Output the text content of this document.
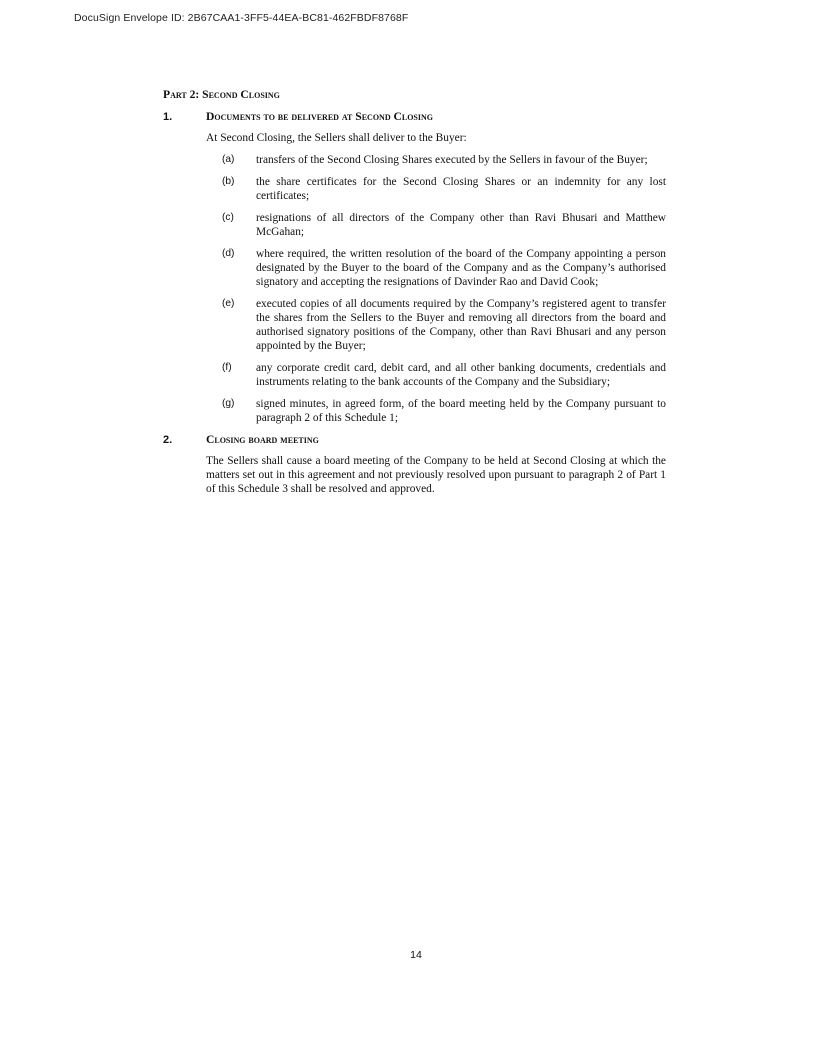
DocuSign Envelope ID: 2B67CAA1-3FF5-44EA-BC81-462FBDF8768F
Part 2: Second Closing
1.	Documents to be delivered at Second Closing
At Second Closing, the Sellers shall deliver to the Buyer:
(a)	transfers of the Second Closing Shares executed by the Sellers in favour of the Buyer;
(b)	the share certificates for the Second Closing Shares or an indemnity for any lost certificates;
(c)	resignations of all directors of the Company other than Ravi Bhusari and Matthew McGahan;
(d)	where required, the written resolution of the board of the Company appointing a person designated by the Buyer to the board of the Company and as the Company’s authorised signatory and accepting the resignations of Davinder Rao and David Cook;
(e)	executed copies of all documents required by the Company’s registered agent to transfer the shares from the Sellers to the Buyer and removing all directors from the board and authorised signatory positions of the Company, other than Ravi Bhusari and any person appointed by the Buyer;
(f)	any corporate credit card, debit card, and all other banking documents, credentials and instruments relating to the bank accounts of the Company and the Subsidiary;
(g)	signed minutes, in agreed form, of the board meeting held by the Company pursuant to paragraph 2 of this Schedule 1;
2.	Closing board meeting
The Sellers shall cause a board meeting of the Company to be held at Second Closing at which the matters set out in this agreement and not previously resolved upon pursuant to paragraph 2 of Part 1 of this Schedule 3 shall be resolved and approved.
14
